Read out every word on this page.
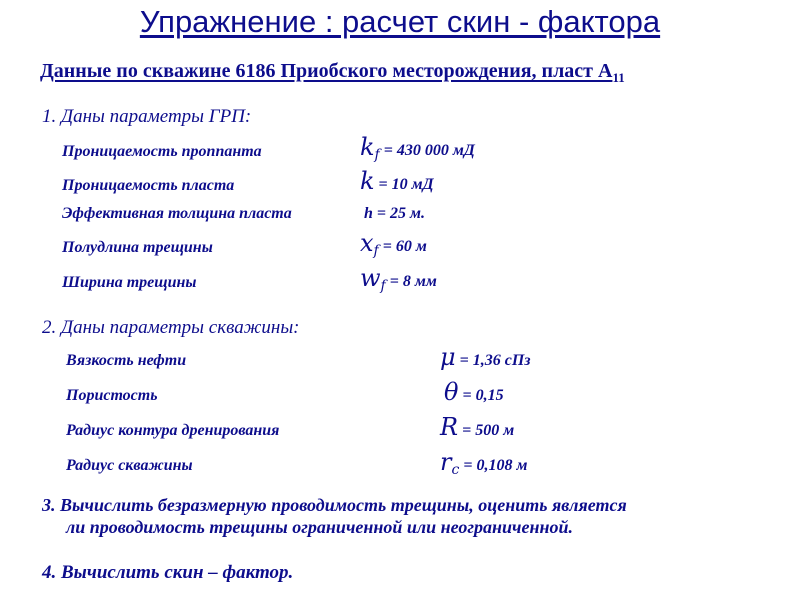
Упражнение : расчет скин - фактора
Данные по скважине 6186 Приобского месторождения, пласт $А_{11}$
1. Даны параметры ГРП:
Проницаемость проппанта	$k_f = 430$ 000 мД
Проницаемость пласта	k = 10 мД
Эффективная толщина пласта	h = 25 м.
Полудлина трещины	$x_f = 60$ м
Ширина трещины	$w_f = 8$ мм
2. Даны параметры скважины:
Вязкость нефти	μ = 1,36 сПз
Пористость	θ = 0,15
Радиус контура дренирования	R = 500 м
Радиус скважины	$r_c = 0,108$ м
3. Вычислить безразмерную проводимость трещины, оценить является
ли проводимость трещины ограниченной или неограниченной.
4. Вычислить скин – фактор.
